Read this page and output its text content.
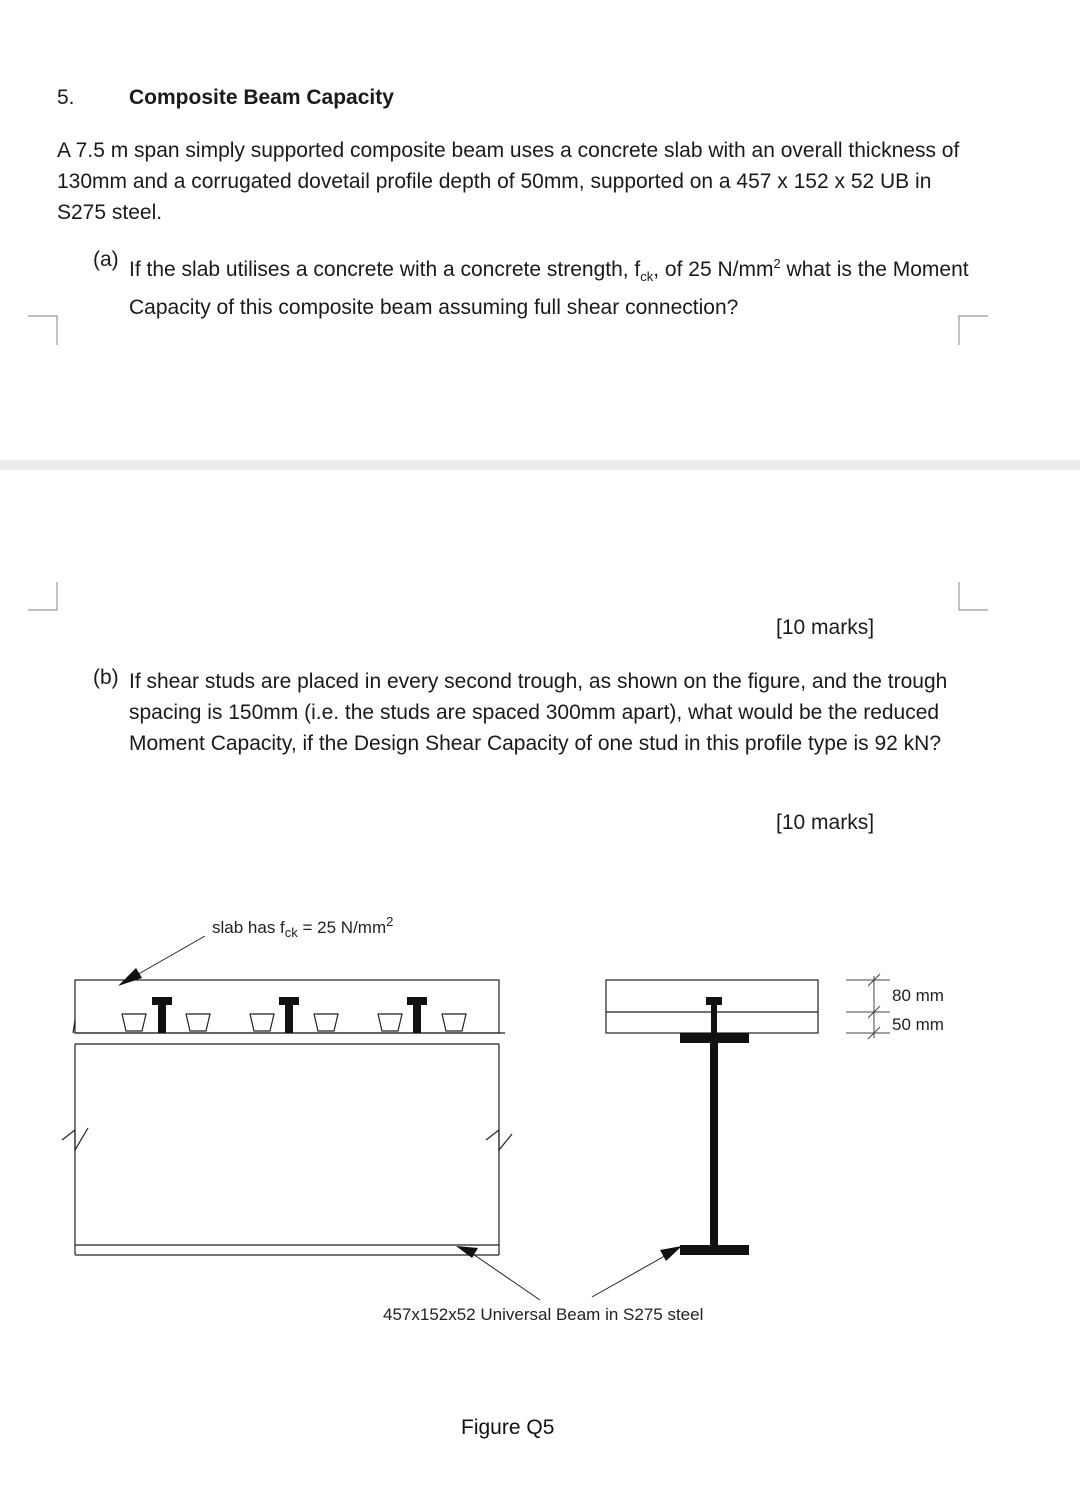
5.	Composite Beam Capacity
A 7.5 m span simply supported composite beam uses a concrete slab with an overall thickness of 130mm and a corrugated dovetail profile depth of 50mm, supported on a 457 x 152 x 52 UB in S275 steel.
(a) If the slab utilises a concrete with a concrete strength, $f_{ck}$, of 25 $N/mm^2$ what is the Moment Capacity of this composite beam assuming full shear connection?
[10 marks]
(b) If shear studs are placed in every second trough, as shown on the figure, and the trough spacing is 150mm (i.e. the studs are spaced 300mm apart), what would be the reduced Moment Capacity, if the Design Shear Capacity of one stud in this profile type is 92 kN?
[10 marks]
80 mm
50 mm
slab has $f_{ck} = 25$ $N/mm^2$
457x152x52 Universal Beam in S275 steel
Figure Q5
